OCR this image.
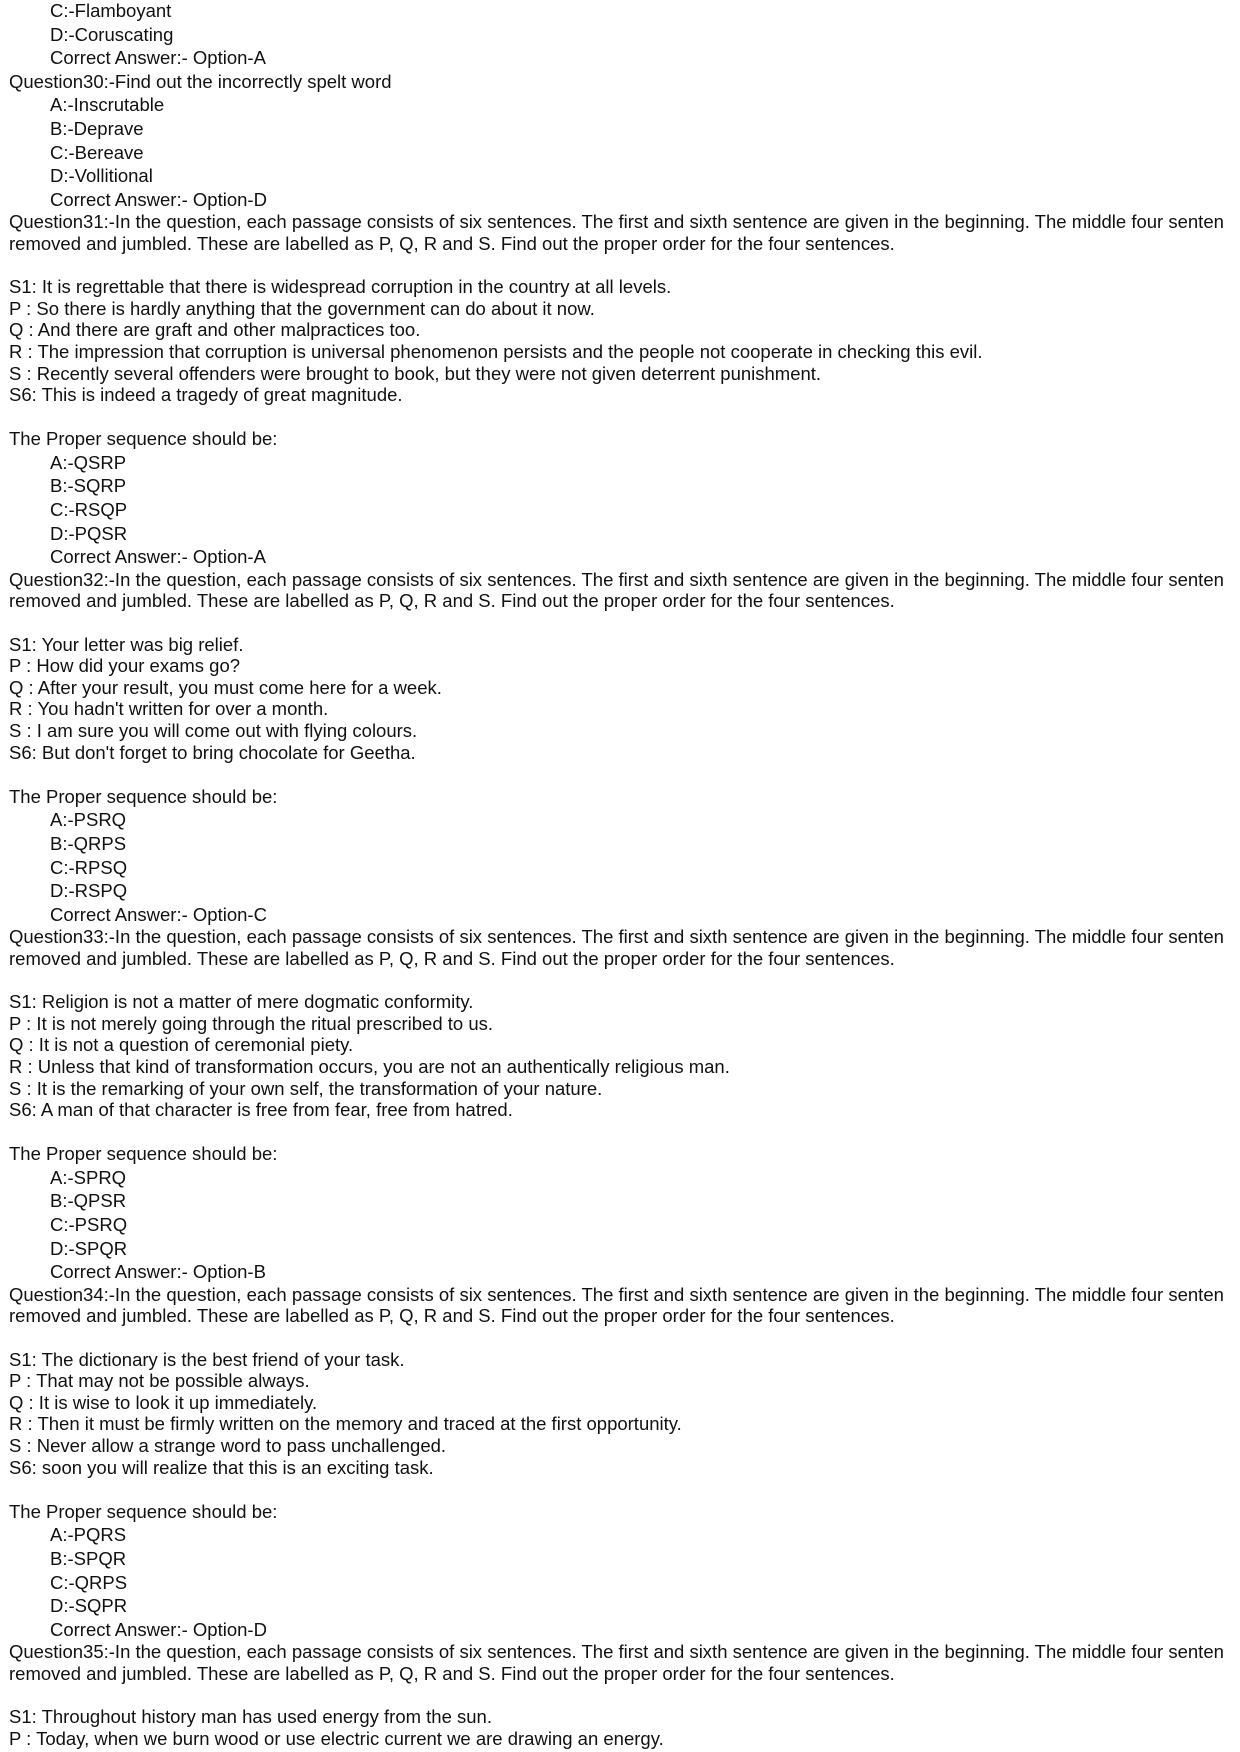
C:-Flamboyant
D:-Coruscating
Correct Answer:- Option-A
Question30:-Find out the incorrectly spelt word
A:-Inscrutable
B:-Deprave
C:-Bereave
D:-Vollitional
Correct Answer:- Option-D
Question31:-In the question, each passage consists of six sentences. The first and sixth sentence are given in the beginning. The middle four senten
removed and jumbled. These are labelled as P, Q, R and S. Find out the proper order for the four sentences.
S1: It is regrettable that there is widespread corruption in the country at all levels.
P : So there is hardly anything that the government can do about it now.
Q : And there are graft and other malpractices too.
R : The impression that corruption is universal phenomenon persists and the people not cooperate in checking this evil.
S : Recently several offenders were brought to book, but they were not given deterrent punishment.
S6: This is indeed a tragedy of great magnitude.
The Proper sequence should be:
A:-QSRP
B:-SQRP
C:-RSQP
D:-PQSR
Correct Answer:- Option-A
Question32:-In the question, each passage consists of six sentences. The first and sixth sentence are given in the beginning. The middle four senten
removed and jumbled. These are labelled as P, Q, R and S. Find out the proper order for the four sentences.
S1: Your letter was big relief.
P : How did your exams go?
Q : After your result, you must come here for a week.
R : You hadn't written for over a month.
S : I am sure you will come out with flying colours.
S6: But don't forget to bring chocolate for Geetha.
The Proper sequence should be:
A:-PSRQ
B:-QRPS
C:-RPSQ
D:-RSPQ
Correct Answer:- Option-C
Question33:-In the question, each passage consists of six sentences. The first and sixth sentence are given in the beginning. The middle four senten
removed and jumbled. These are labelled as P, Q, R and S. Find out the proper order for the four sentences.
S1: Religion is not a matter of mere dogmatic conformity.
P : It is not merely going through the ritual prescribed to us.
Q : It is not a question of ceremonial piety.
R : Unless that kind of transformation occurs, you are not an authentically religious man.
S : It is the remarking of your own self, the transformation of your nature.
S6: A man of that character is free from fear, free from hatred.
The Proper sequence should be:
A:-SPRQ
B:-QPSR
C:-PSRQ
D:-SPQR
Correct Answer:- Option-B
Question34:-In the question, each passage consists of six sentences. The first and sixth sentence are given in the beginning. The middle four senten
removed and jumbled. These are labelled as P, Q, R and S. Find out the proper order for the four sentences.
S1: The dictionary is the best friend of your task.
P : That may not be possible always.
Q : It is wise to look it up immediately.
R : Then it must be firmly written on the memory and traced at the first opportunity.
S : Never allow a strange word to pass unchallenged.
S6: soon you will realize that this is an exciting task.
The Proper sequence should be:
A:-PQRS
B:-SPQR
C:-QRPS
D:-SQPR
Correct Answer:- Option-D
Question35:-In the question, each passage consists of six sentences. The first and sixth sentence are given in the beginning. The middle four senten
removed and jumbled. These are labelled as P, Q, R and S. Find out the proper order for the four sentences.
S1: Throughout history man has used energy from the sun.
P : Today, when we burn wood or use electric current we are drawing an energy.
